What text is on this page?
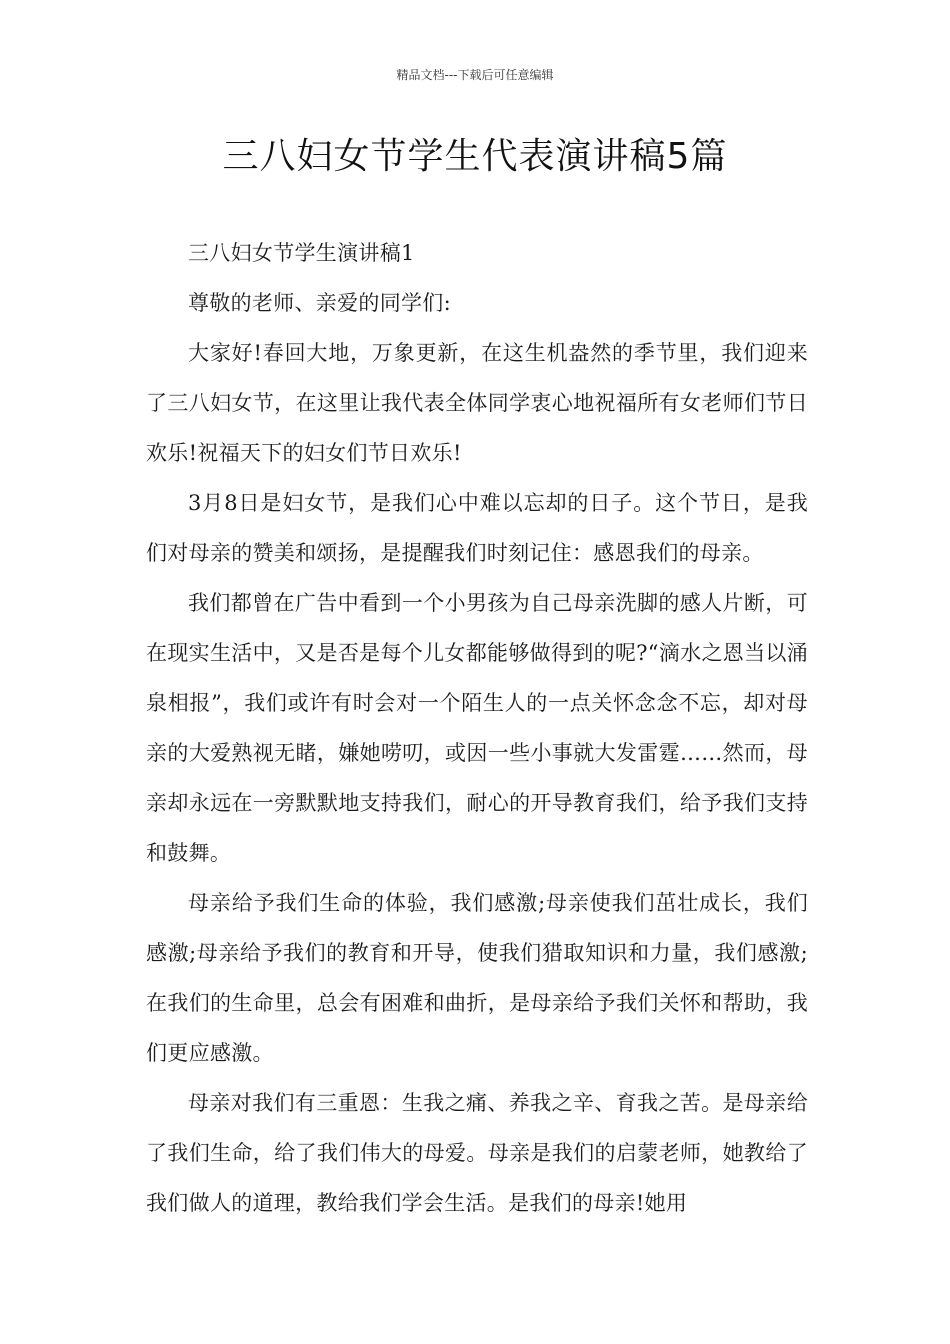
精品文档---下载后可任意编辑
三八妇女节学生代表演讲稿5篇

三八妇女节学生演讲稿1

尊敬的老师、亲爱的同学们:

大家好!春回大地，万象更新，在这生机盎然的季节里，我们迎来了三八妇女节，在这里让我代表全体同学衷心地祝福所有女老师们节日欢乐!祝福天下的妇女们节日欢乐!

3月8日是妇女节，是我们心中难以忘却的日子。这个节日，是我们对母亲的赞美和颂扬，是提醒我们时刻记住：感恩我们的母亲。

我们都曾在广告中看到一个小男孩为自己母亲洗脚的感人片断，可在现实生活中，又是否是每个儿女都能够做得到的呢?“滴水之恩当以涌泉相报”，我们或许有时会对一个陌生人的一点关怀念念不忘，却对母亲的大爱熟视无睹，嫌她唠叨，或因一些小事就大发雷霆……然而，母亲却永远在一旁默默地支持我们，耐心的开导教育我们，给予我们支持和鼓舞。

母亲给予我们生命的体验，我们感激;母亲使我们茁壮成长，我们感激;母亲给予我们的教育和开导，使我们猎取知识和力量，我们感激;在我们的生命里，总会有困难和曲折，是母亲给予我们关怀和帮助，我们更应感激。

母亲对我们有三重恩：生我之痛、养我之辛、育我之苦。是母亲给了我们生命，给了我们伟大的母爱。母亲是我们的启蒙老师，她教给了我们做人的道理，教给我们学会生活。是我们的母亲!她用
